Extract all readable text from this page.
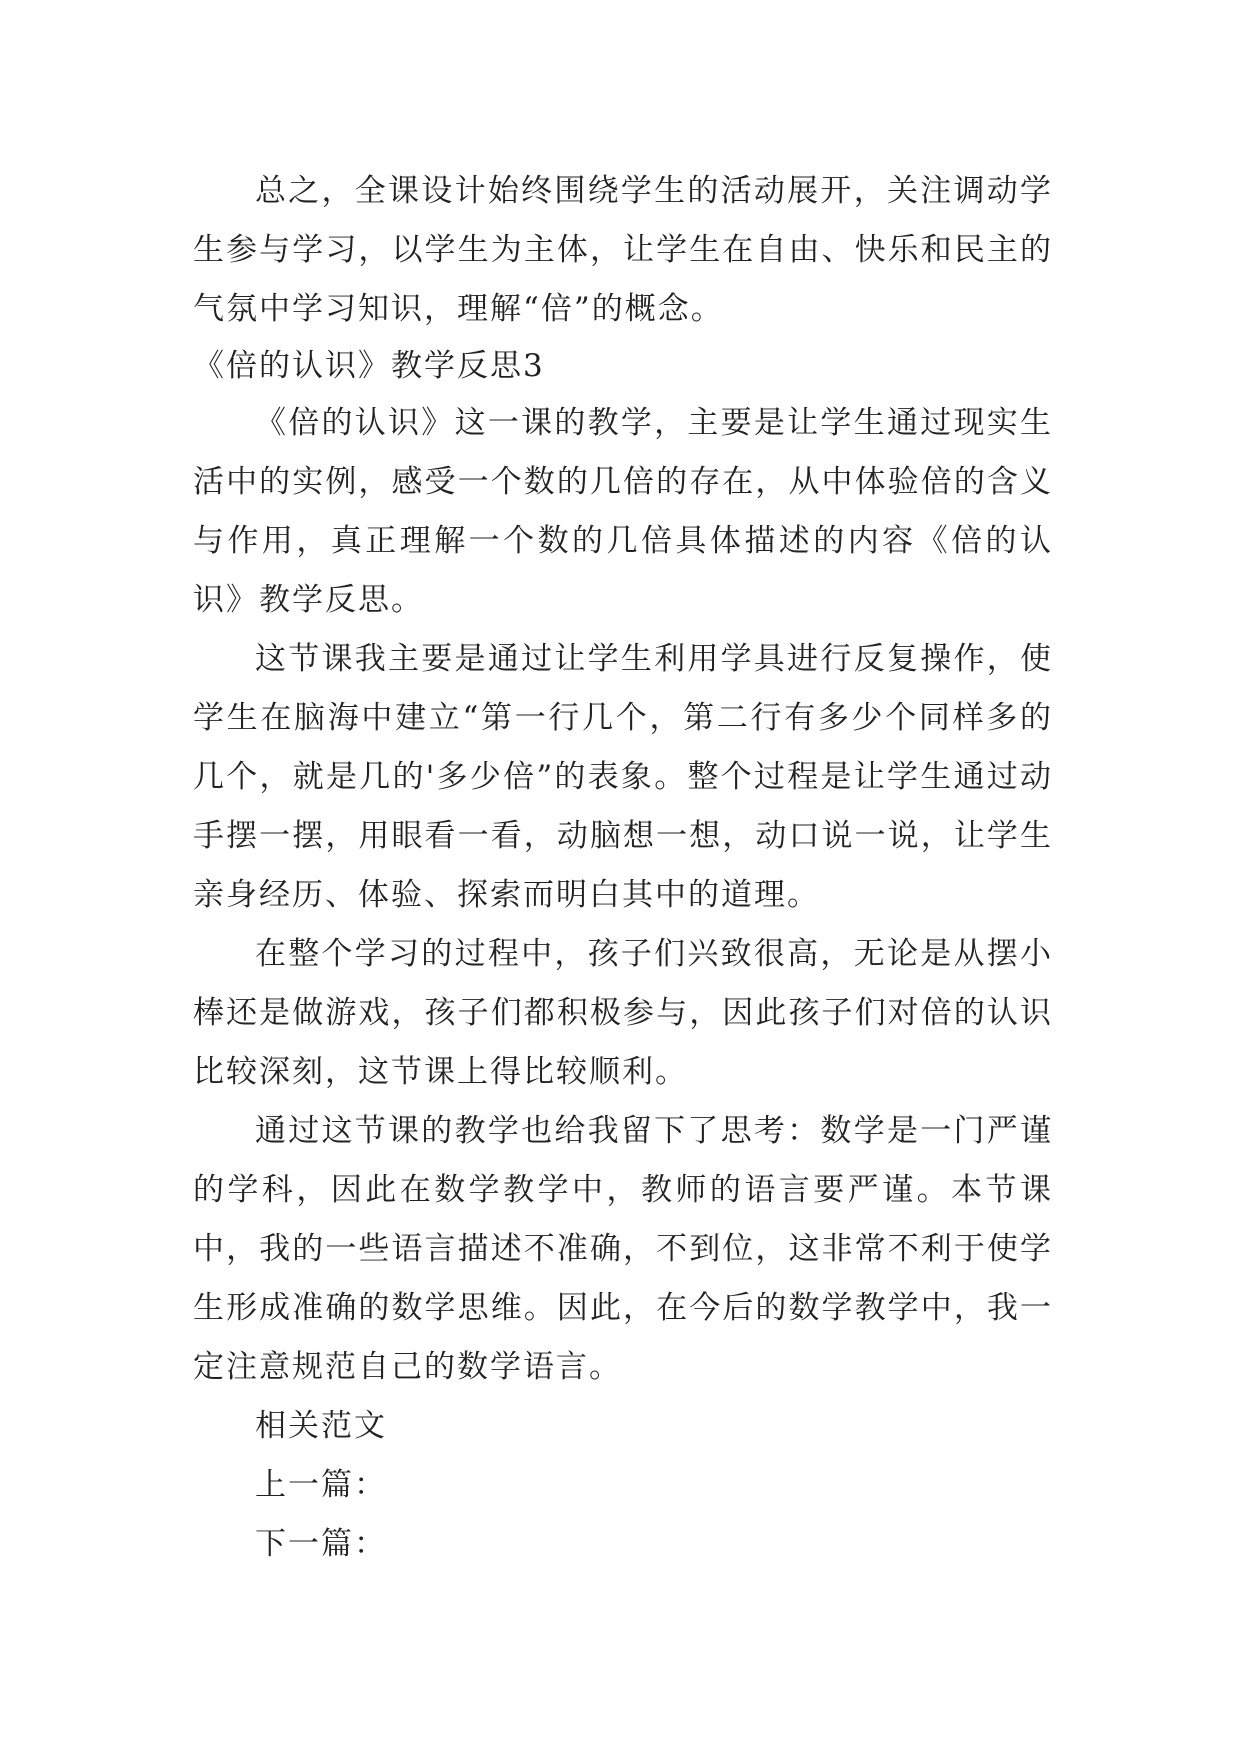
总之，全课设计始终围绕学生的活动展开，关注调动学生参与学习，以学生为主体，让学生在自由、快乐和民主的气氛中学习知识，理解“倍”的概念。

《倍的认识》教学反思3

《倍的认识》这一课的教学，主要是让学生通过现实生活中的实例，感受一个数的几倍的存在，从中体验倍的含义与作用，真正理解一个数的几倍具体描述的内容《倍的认识》教学反思。

这节课我主要是通过让学生利用学具进行反复操作，使学生在脑海中建立“第一行几个，第二行有多少个同样多的几个，就是几的'多少倍”的表象。整个过程是让学生通过动手摆一摆，用眼看一看，动脑想一想，动口说一说，让学生亲身经历、体验、探索而明白其中的道理。

在整个学习的过程中，孩子们兴致很高，无论是从摆小棒还是做游戏，孩子们都积极参与，因此孩子们对倍的认识比较深刻，这节课上得比较顺利。

通过这节课的教学也给我留下了思考：数学是一门严谨的学科，因此在数学教学中，教师的语言要严谨。本节课中，我的一些语言描述不准确，不到位，这非常不利于使学生形成准确的数学思维。因此，在今后的数学教学中，我一定注意规范自己的数学语言。

相关范文

上一篇：

下一篇：
